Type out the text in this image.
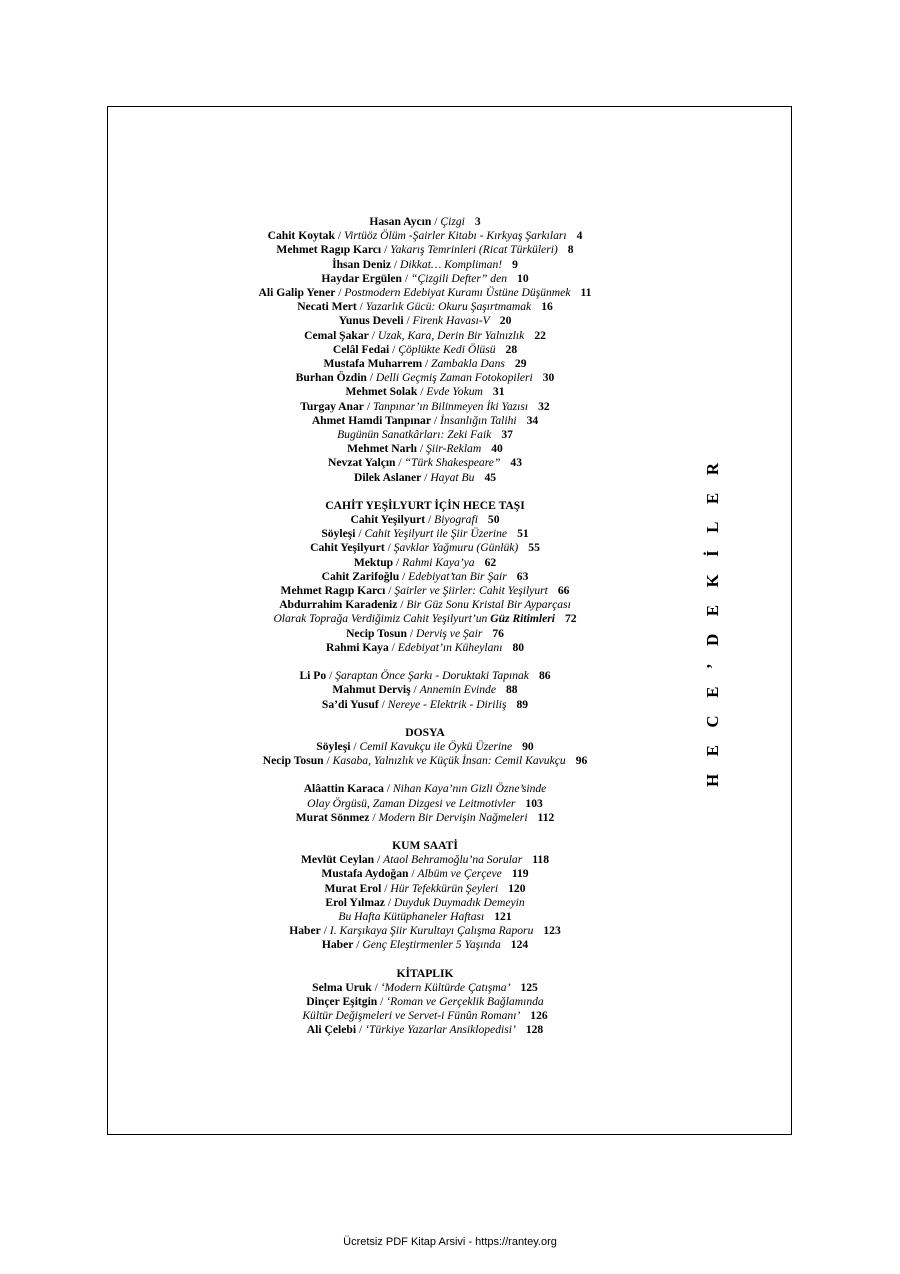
Hasan Aycın / Çizgi 3
Cahit Koytak / Virtüöz Ölüm -Şairler Kitabı - Kırkyaş Şarkıları 4
Mehmet Ragıp Karcı / Yakarış Temrinleri (Ricat Türküleri) 8
İhsan Deniz / Dikkat… Kompliman! 9
Haydar Ergülen / “Çizgili Defter” den 10
Ali Galip Yener / Postmodern Edebiyat Kuramı Üstüne Düşünmek 11
Necati Mert / Yazarlık Gücü: Okuru Şaşırtmamak 16
Yunus Develi / Firenk Havası-V 20
Cemal Şakar / Uzak, Kara, Derin Bir Yalnızlık 22
Celâl Fedai / Çöplükte Kedi Ölüsü 28
Mustafa Muharrem / Zambakla Dans 29
Burhan Özdin / Delli Geçmiş Zaman Fotokopileri 30
Mehmet Solak / Evde Yokum 31
Turgay Anar / Tanpınar’ın Bilinmeyen İki Yazısı 32
Ahmet Hamdi Tanpınar / İnsanlığın Talihi 34
Bugünün Sanatkârları: Zeki Faik 37
Mehmet Narlı / Şiir-Reklam 40
Nevzat Yalçın / “Türk Shakespeare” 43
Dilek Aslaner / Hayat Bu 45
CAHİT YEŞİLYURT İÇİN HECE TAŞI
Cahit Yeşilyurt / Biyografi 50
Söyleşi / Cahit Yeşilyurt ile Şiir Üzerine 51
Cahit Yeşilyurt / Şavklar Yağmuru (Günlük) 55
Mektup / Rahmi Kaya’ya 62
Cahit Zarifoğlu / Edebiyat’tan Bir Şair 63
Mehmet Ragıp Karcı / Şairler ve Şiirler: Cahit Yeşilyurt 66
Abdurrahim Karadeniz / Bir Güz Sonu Kristal Bir Ayparçası
Olarak Toprağa Verdiğimiz Cahit Yeşilyurt’un Güz Ritimleri 72
Necip Tosun / Derviş ve Şair 76
Rahmi Kaya / Edebiyat’ın Küheylanı 80
Li Po / Şaraptan Önce Şarkı - Doruktaki Tapınak 86
Mahmut Derviş / Annemin Evinde 88
Sa’di Yusuf / Nereye - Elektrik - Diriliş 89
DOSYA
Söyleşi / Cemil Kavukçu ile Öykü Üzerine 90
Necip Tosun / Kasaba, Yalnızlık ve Küçük İnsan: Cemil Kavukçu 96
Alâattin Karaca / Nihan Kaya’nın Gizli Özne’sinde
Olay Örgüsü, Zaman Dizgesi ve Leitmotivler 103
Murat Sönmez / Modern Bir Dervişin Nağmeleri 112
KUM SAATİ
Mevlüt Ceylan / Ataol Behramoğlu’na Sorular 118
Mustafa Aydoğan / Albüm ve Çerçeve 119
Murat Erol / Hür Tefekkürün Şeyleri 120
Erol Yılmaz / Duyduk Duymadık Demeyin
Bu Hafta Kütüphaneler Haftası 121
Haber / I. Karşıkaya Şiir Kurultayı Çalışma Raporu 123
Haber / Genç Eleştirmenler 5 Yaşında 124
KİTAPLIK
Selma Uruk / ‘Modern Kültürde Çatışma’ 125
Dinçer Eşitgin / ‘Roman ve Gerçeklik Bağlamında
Kültür Değişmeleri ve Servet-i Fünûn Romanı’ 126
Ali Çelebi / ‘Türkiye Yazarlar Ansiklopedisi’ 128
HECE’DEKİLER
Ücretsiz PDF Kitap Arsivi - https://rantey.org
